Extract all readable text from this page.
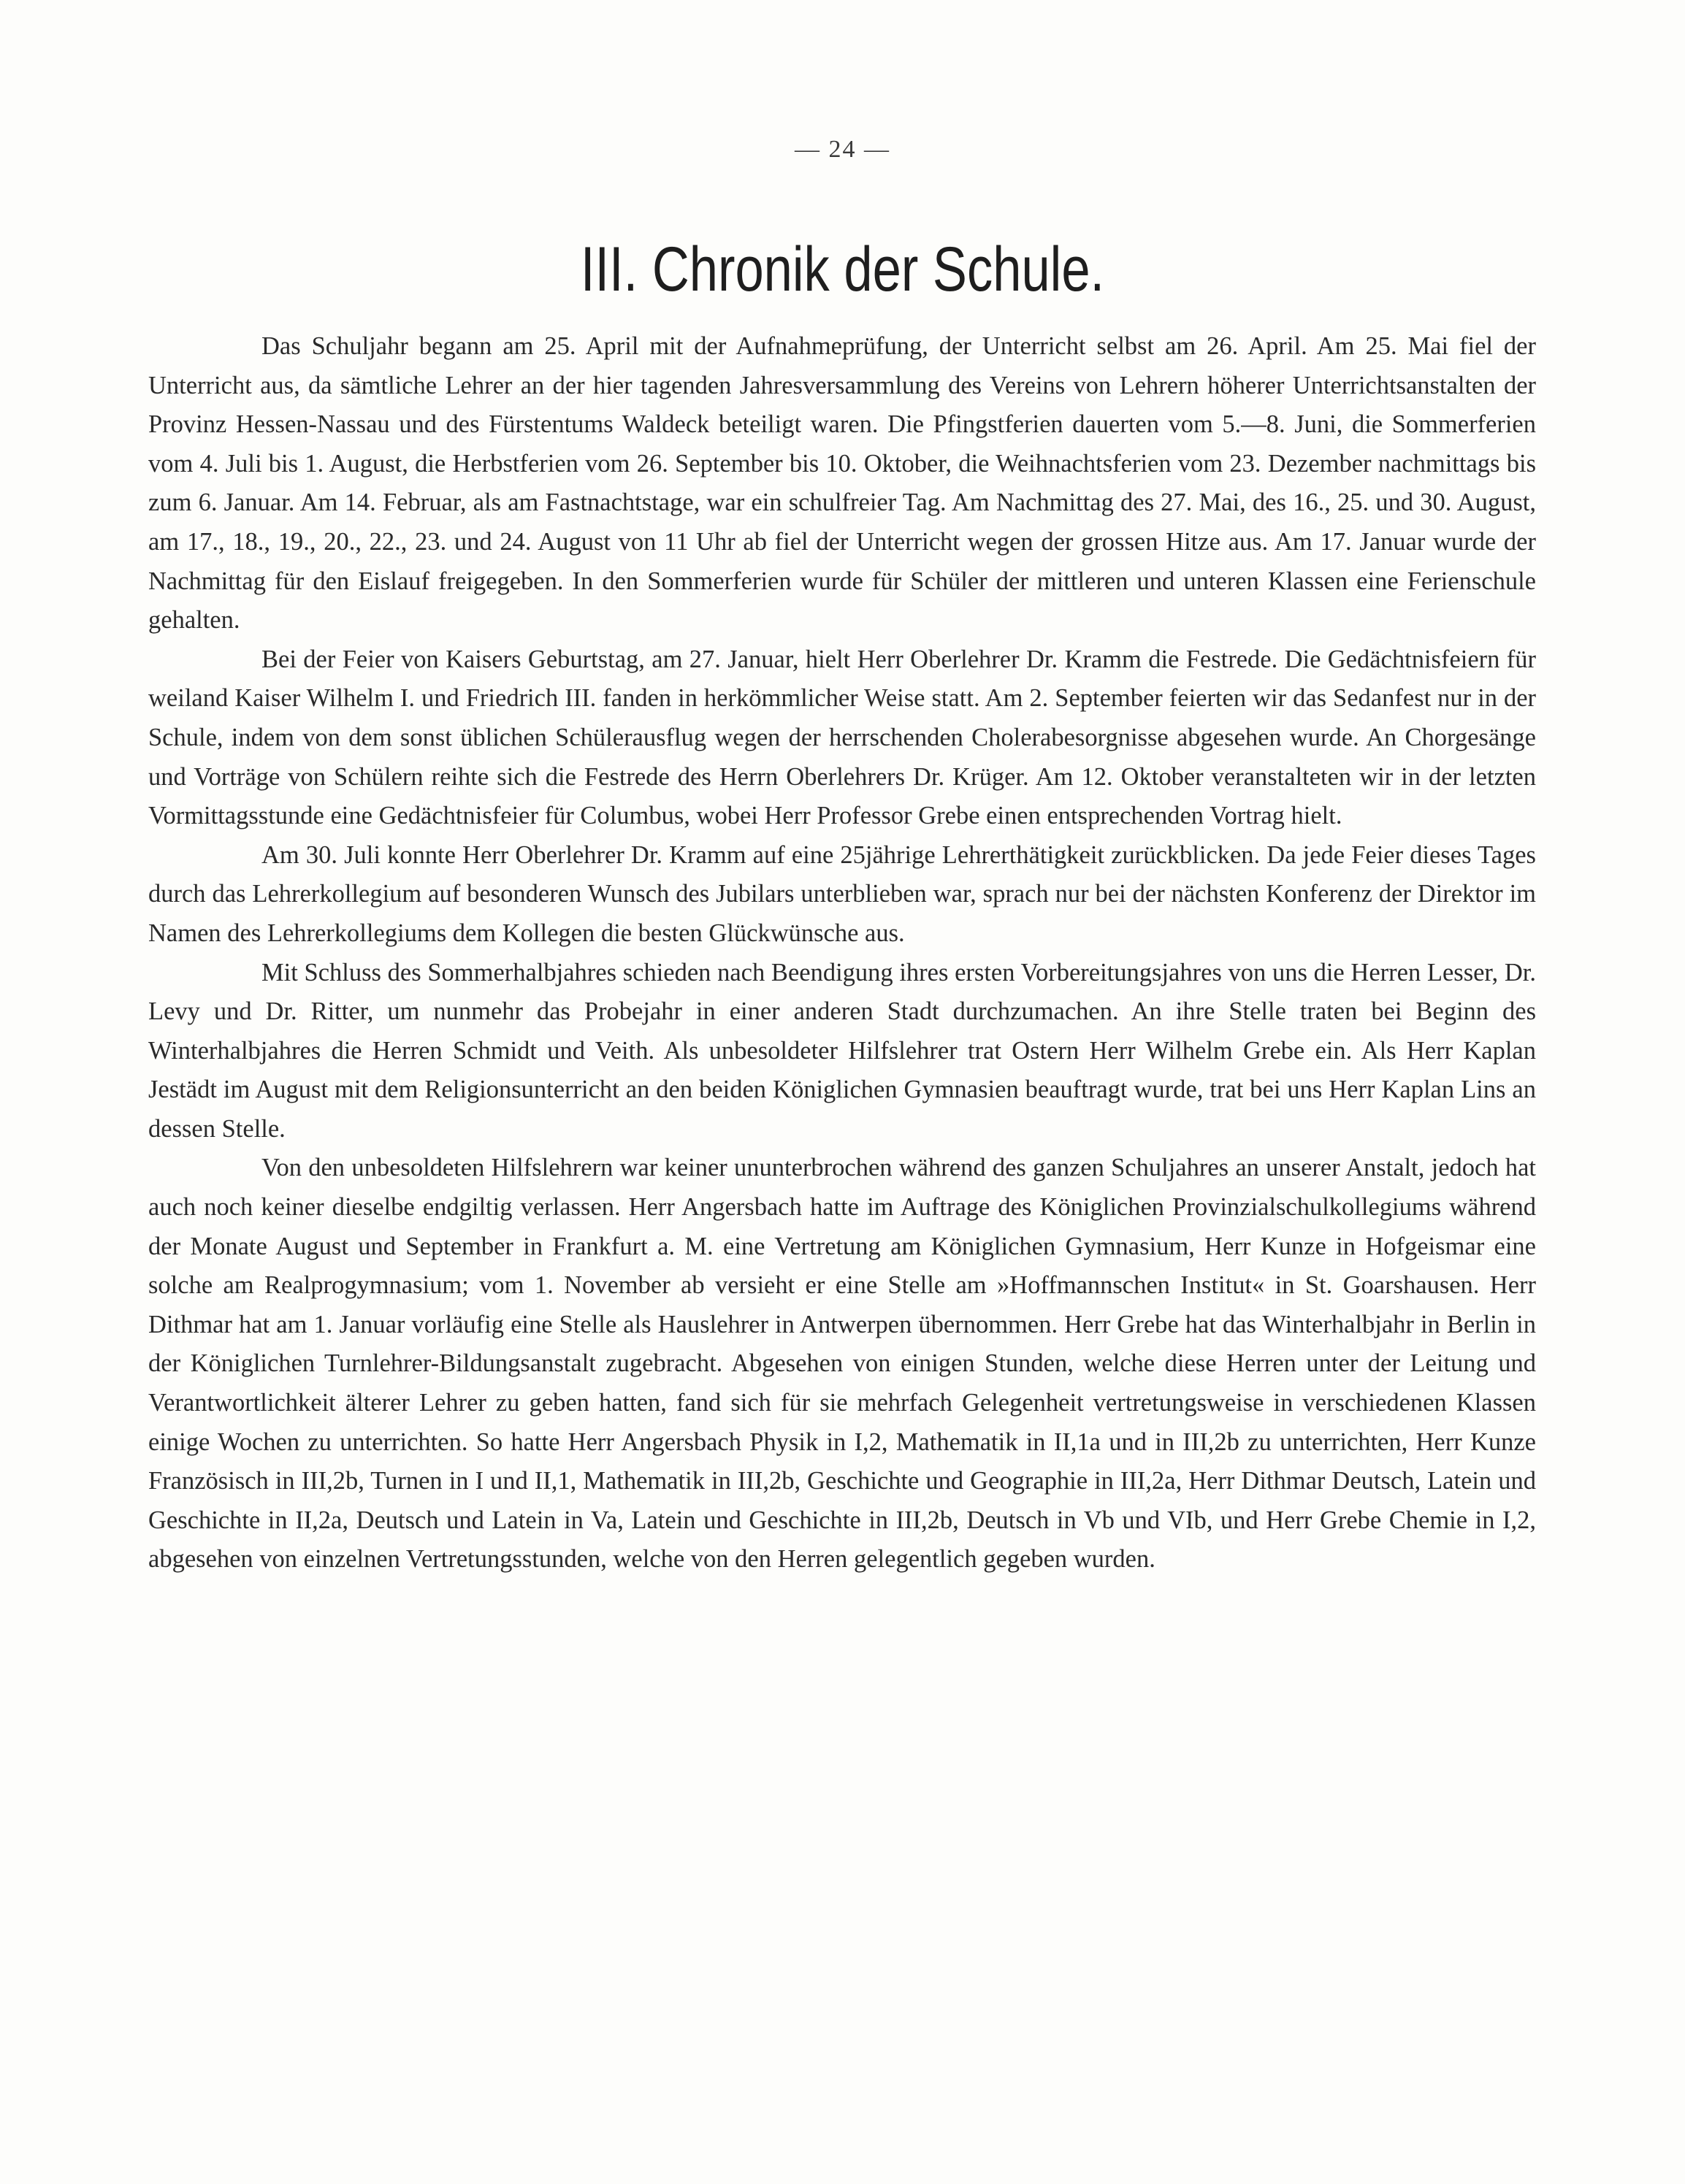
— 24 —
III. Chronik der Schule.

Das Schuljahr begann am 25. April mit der Aufnahmeprüfung, der Unterricht selbst am 26. April. Am 25. Mai fiel der Unterricht aus, da sämtliche Lehrer an der hier tagenden Jahresversammlung des Vereins von Lehrern höherer Unterrichtsanstalten der Provinz Hessen-Nassau und des Fürstentums Waldeck beteiligt waren. Die Pfingstferien dauerten vom 5.—8. Juni, die Sommerferien vom 4. Juli bis 1. August, die Herbstferien vom 26. September bis 10. Oktober, die Weihnachtsferien vom 23. Dezember nachmittags bis zum 6. Januar. Am 14. Februar, als am Fastnachtstage, war ein schulfreier Tag. Am Nachmittag des 27. Mai, des 16., 25. und 30. August, am 17., 18., 19., 20., 22., 23. und 24. August von 11 Uhr ab fiel der Unterricht wegen der grossen Hitze aus. Am 17. Januar wurde der Nachmittag für den Eislauf freigegeben. In den Sommerferien wurde für Schüler der mittleren und unteren Klassen eine Ferienschule gehalten.

Bei der Feier von Kaisers Geburtstag, am 27. Januar, hielt Herr Oberlehrer Dr. Kramm die Festrede. Die Gedächtnisfeiern für weiland Kaiser Wilhelm I. und Friedrich III. fanden in herkömmlicher Weise statt. Am 2. September feierten wir das Sedanfest nur in der Schule, indem von dem sonst üblichen Schülerausflug wegen der herrschenden Cholerabesorgnisse abgesehen wurde. An Chorgesänge und Vorträge von Schülern reihte sich die Festrede des Herrn Oberlehrers Dr. Krüger. Am 12. Oktober veranstalteten wir in der letzten Vormittagsstunde eine Gedächtnisfeier für Columbus, wobei Herr Professor Grebe einen entsprechenden Vortrag hielt.

Am 30. Juli konnte Herr Oberlehrer Dr. Kramm auf eine 25jährige Lehrerthätigkeit zurückblicken. Da jede Feier dieses Tages durch das Lehrerkollegium auf besonderen Wunsch des Jubilars unterblieben war, sprach nur bei der nächsten Konferenz der Direktor im Namen des Lehrerkollegiums dem Kollegen die besten Glückwünsche aus.

Mit Schluss des Sommerhalbjahres schieden nach Beendigung ihres ersten Vorbereitungsjahres von uns die Herren Lesser, Dr. Levy und Dr. Ritter, um nunmehr das Probejahr in einer anderen Stadt durchzumachen. An ihre Stelle traten bei Beginn des Winterhalbjahres die Herren Schmidt und Veith. Als unbesoldeter Hilfslehrer trat Ostern Herr Wilhelm Grebe ein. Als Herr Kaplan Jestädt im August mit dem Religionsunterricht an den beiden Königlichen Gymnasien beauftragt wurde, trat bei uns Herr Kaplan Lins an dessen Stelle.

Von den unbesoldeten Hilfslehrern war keiner ununterbrochen während des ganzen Schuljahres an unserer Anstalt, jedoch hat auch noch keiner dieselbe endgiltig verlassen. Herr Angersbach hatte im Auftrage des Königlichen Provinzialschulkollegiums während der Monate August und September in Frankfurt a. M. eine Vertretung am Königlichen Gymnasium, Herr Kunze in Hofgeismar eine solche am Realprogymnasium; vom 1. November ab versieht er eine Stelle am »Hoffmannschen Institut« in St. Goarshausen. Herr Dithmar hat am 1. Januar vorläufig eine Stelle als Hauslehrer in Antwerpen übernommen. Herr Grebe hat das Winterhalbjahr in Berlin in der Königlichen Turnlehrer-Bildungsanstalt zugebracht. Abgesehen von einigen Stunden, welche diese Herren unter der Leitung und Verantwortlichkeit älterer Lehrer zu geben hatten, fand sich für sie mehrfach Gelegenheit vertretungsweise in verschiedenen Klassen einige Wochen zu unterrichten. So hatte Herr Angersbach Physik in I,2, Mathematik in II,1a und in III,2b zu unterrichten, Herr Kunze Französisch in III,2b, Turnen in I und II,1, Mathematik in III,2b, Geschichte und Geographie in III,2a, Herr Dithmar Deutsch, Latein und Geschichte in II,2a, Deutsch und Latein in Va, Latein und Geschichte in III,2b, Deutsch in Vb und VIb, und Herr Grebe Chemie in I,2, abgesehen von einzelnen Vertretungsstunden, welche von den Herren gelegentlich gegeben wurden.
